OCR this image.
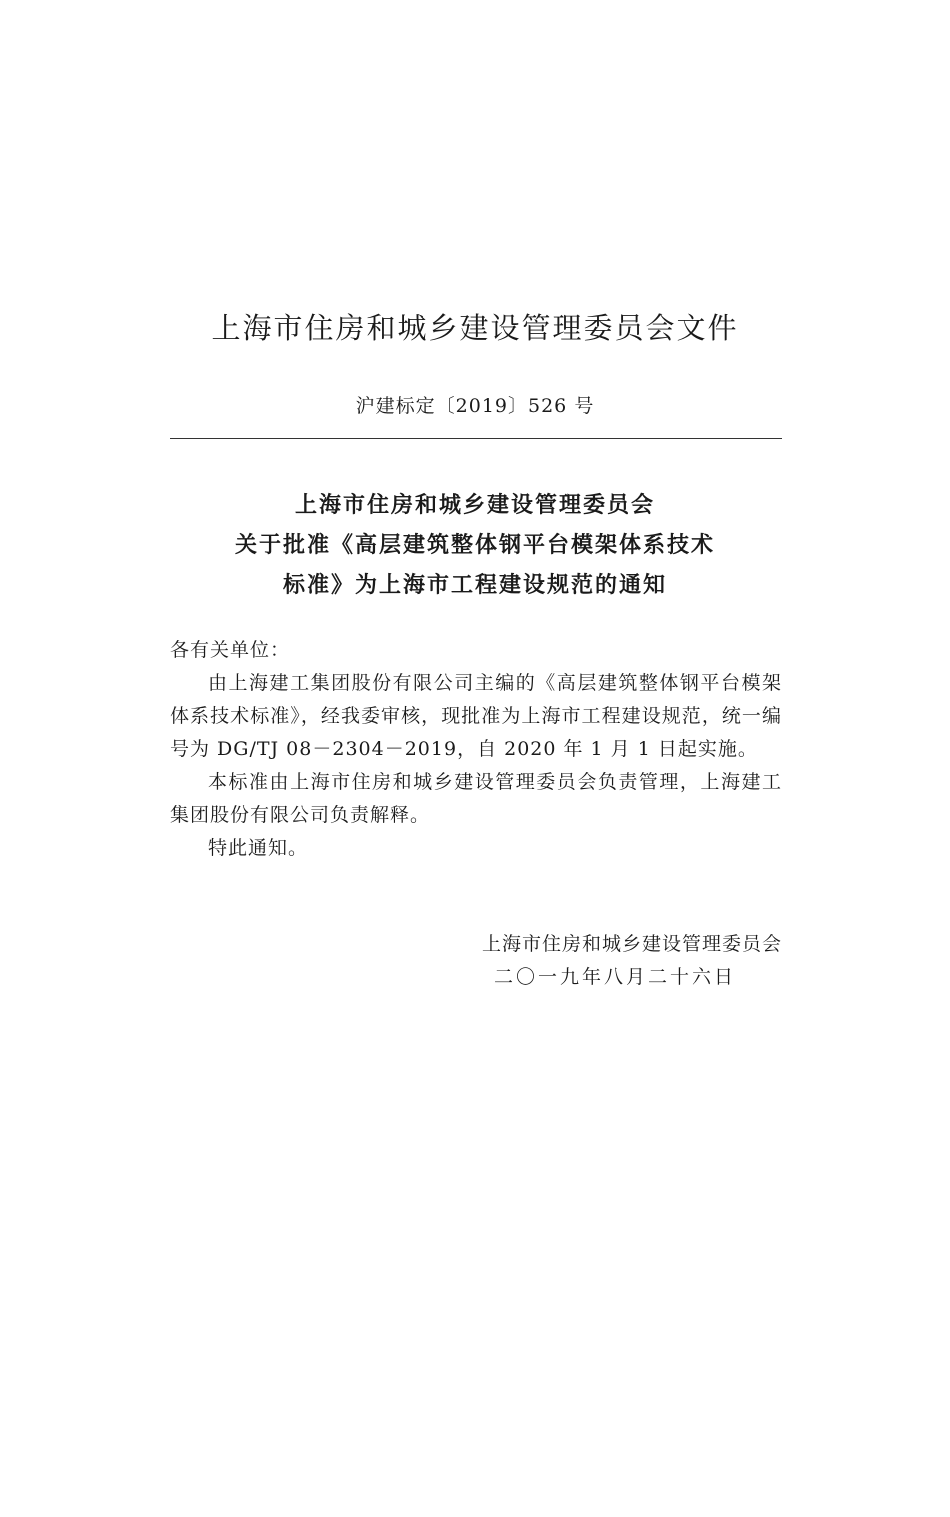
上海市住房和城乡建设管理委员会文件
沪建标定〔2019〕526 号
上海市住房和城乡建设管理委员会
关于批准《高层建筑整体钢平台模架体系技术
标准》为上海市工程建设规范的通知

各有关单位：

由上海建工集团股份有限公司主编的《高层建筑整体钢平台模架体系技术标准》，经我委审核，现批准为上海市工程建设规范，统一编号为 DG/TJ 08－2304－2019，自 2020 年 1 月 1 日起实施。

本标准由上海市住房和城乡建设管理委员会负责管理，上海建工集团股份有限公司负责解释。

特此通知。

上海市住房和城乡建设管理委员会
二〇一九年八月二十六日
